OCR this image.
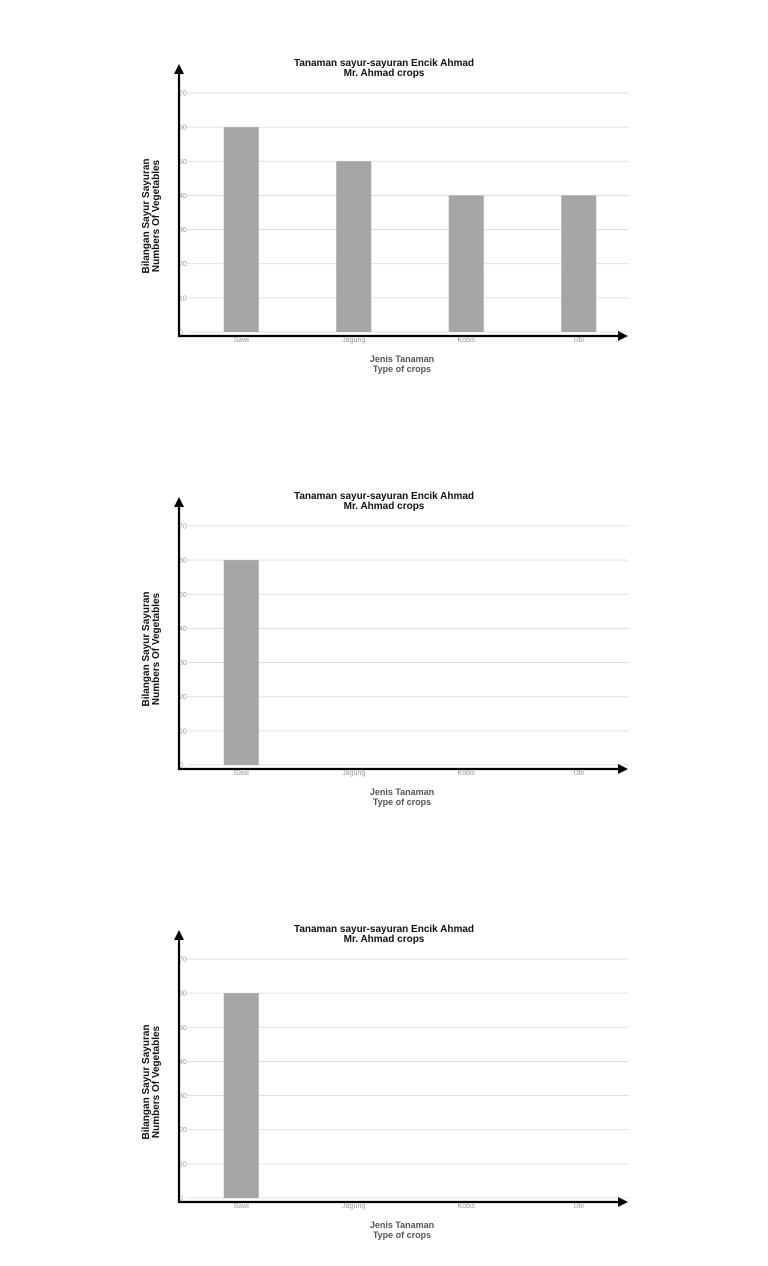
0
10
20
30
40
50
60
70
Sawi	Jagung	Kobis	Ubi
Tanaman sayur-sayuran Encik Ahmad
Mr. Ahmad crops
Jenis Tanaman
Type of crops
Bilangan Sayur Sayuran Numbers Of Vegetables
0
10
20
30
40
50
60
70
Sawi	Jagung	Kobis	Ubi
Tanaman sayur-sayuran Encik Ahmad
Mr. Ahmad crops
Jenis Tanaman
Type of crops
Bilangan Sayur Sayuran Numbers Of Vegetables
0
10
20
30
40
50
60
70
Sawi	Jagung	Kobis	Ubi
Tanaman sayur-sayuran Encik Ahmad
Mr. Ahmad crops
Jenis Tanaman
Type of crops
Bilangan Sayur Sayuran Numbers Of Vegetables
